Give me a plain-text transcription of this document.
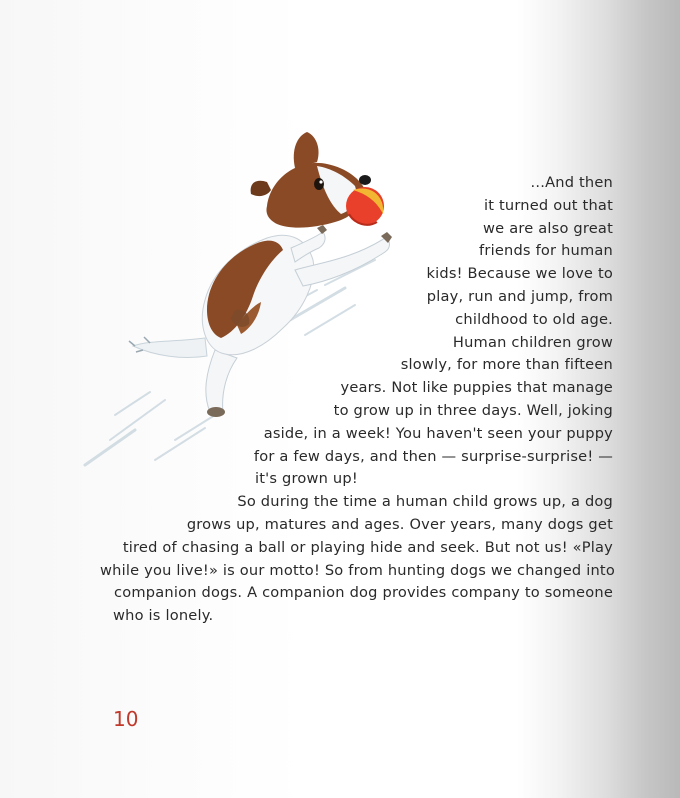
...And then
it turned out that
we are also great
friends for human
kids! Because we love to
play, run and jump, from
childhood to old age.
Human children grow
slowly, for more than fifteen
years. Not like puppies that manage
to grow up in three days. Well, joking
aside, in a week! You haven't seen your puppy
for a few days, and then — surprise-surprise! —
it's grown up!
So during the time a human child grows up, a dog
grows up, matures and ages. Over years, many dogs get
tired of chasing a ball or playing hide and seek. But not us! «Play
while you live!» is our motto! So from hunting dogs we changed into
companion dogs. A companion dog provides company to someone
who is lonely.
10
